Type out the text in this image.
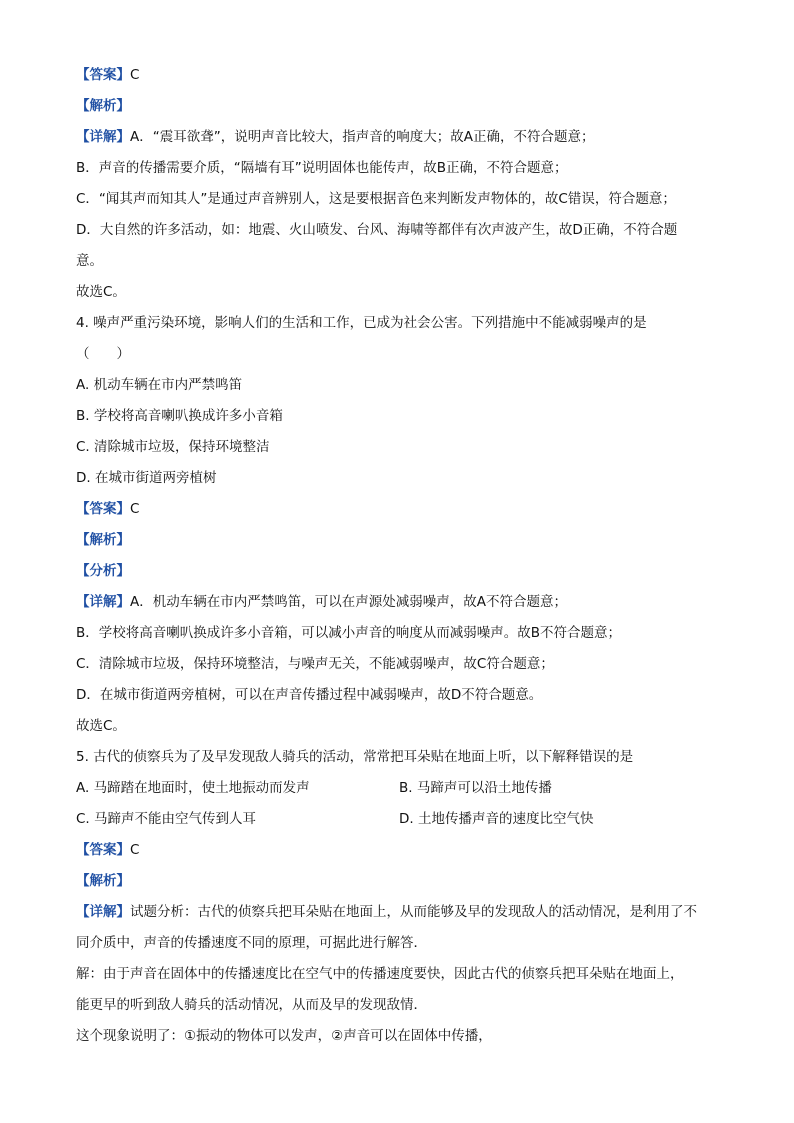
【答案】C
【解析】
【详解】A．“震耳欲聋”，说明声音比较大，指声音的响度大；故A正确，不符合题意；
B．声音的传播需要介质，“隔墙有耳”说明固体也能传声，故B正确，不符合题意；
C．“闻其声而知其人”是通过声音辨别人，这是要根据音色来判断发声物体的，故C错误，符合题意；
D．大自然的许多活动，如：地震、火山喷发、台风、海啸等都伴有次声波产生，故D正确，不符合题
意。
故选C。
4. 噪声严重污染环境，影响人们的生活和工作，已成为社会公害。下列措施中不能减弱噪声的是
（　　）
A. 机动车辆在市内严禁鸣笛
B. 学校将高音喇叭换成许多小音箱
C. 清除城市垃圾，保持环境整洁
D. 在城市街道两旁植树
【答案】C
【解析】
【分析】
【详解】A．机动车辆在市内严禁鸣笛，可以在声源处减弱噪声，故A不符合题意；
B．学校将高音喇叭换成许多小音箱，可以减小声音的响度从而减弱噪声。故B不符合题意；
C．清除城市垃圾，保持环境整洁，与噪声无关，不能减弱噪声，故C符合题意；
D．在城市街道两旁植树，可以在声音传播过程中减弱噪声，故D不符合题意。
故选C。
5. 古代的侦察兵为了及早发现敌人骑兵的活动，常常把耳朵贴在地面上听，以下解释错误的是
A. 马蹄踏在地面时，使土地振动而发声	B. 马蹄声可以沿土地传播
C. 马蹄声不能由空气传到人耳	D. 土地传播声音的速度比空气快
【答案】C
【解析】
【详解】试题分析：古代的侦察兵把耳朵贴在地面上，从而能够及早的发现敌人的活动情况，是利用了不
同介质中，声音的传播速度不同的原理，可据此进行解答．
解：由于声音在固体中的传播速度比在空气中的传播速度要快，因此古代的侦察兵把耳朵贴在地面上，
能更早的听到敌人骑兵的活动情况，从而及早的发现敌情．
这个现象说明了：①振动的物体可以发声，②声音可以在固体中传播，
